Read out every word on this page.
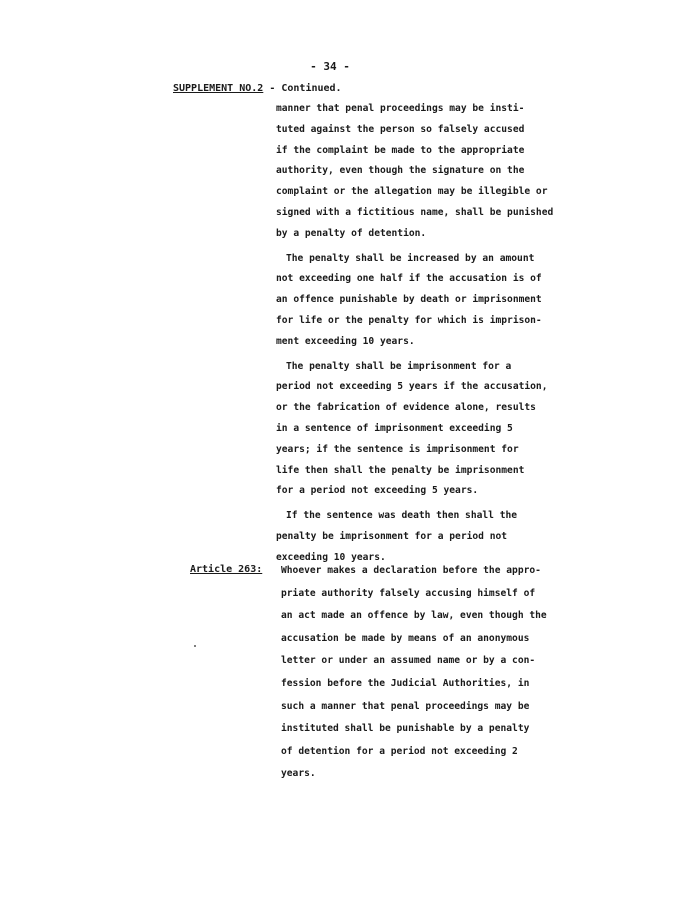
- 34 -
SUPPLEMENT NO.2 - Continued.
manner that penal proceedings may be insti-
tuted against the person so falsely accused
if the complaint be made to the appropriate
authority, even though the signature on the
complaint or the allegation may be illegible or
signed with a fictitious name, shall be punished
by a penalty of detention.
The penalty shall be increased by an amount
not exceeding one half if the accusation is of
an offence punishable by death or imprisonment
for life or the penalty for which is imprison-
ment exceeding 10 years.
The penalty shall be imprisonment for a
period not exceeding 5 years if the accusation,
or the fabrication of evidence alone, results
in a sentence of imprisonment exceeding 5
years; if the sentence is imprisonment for
life then shall the penalty be imprisonment
for a period not exceeding 5 years.
If the sentence was death then shall the
penalty be imprisonment for a period not
exceeding 10 years.
Article 263: Whoever makes a declaration before the appro-
priate authority falsely accusing himself of
an act made an offence by law, even though the
accusation be made by means of an anonymous
letter or under an assumed name or by a con-
fession before the Judicial Authorities, in
such a manner that penal proceedings may be
instituted shall be punishable by a penalty
of detention for a period not exceeding 2
years.
